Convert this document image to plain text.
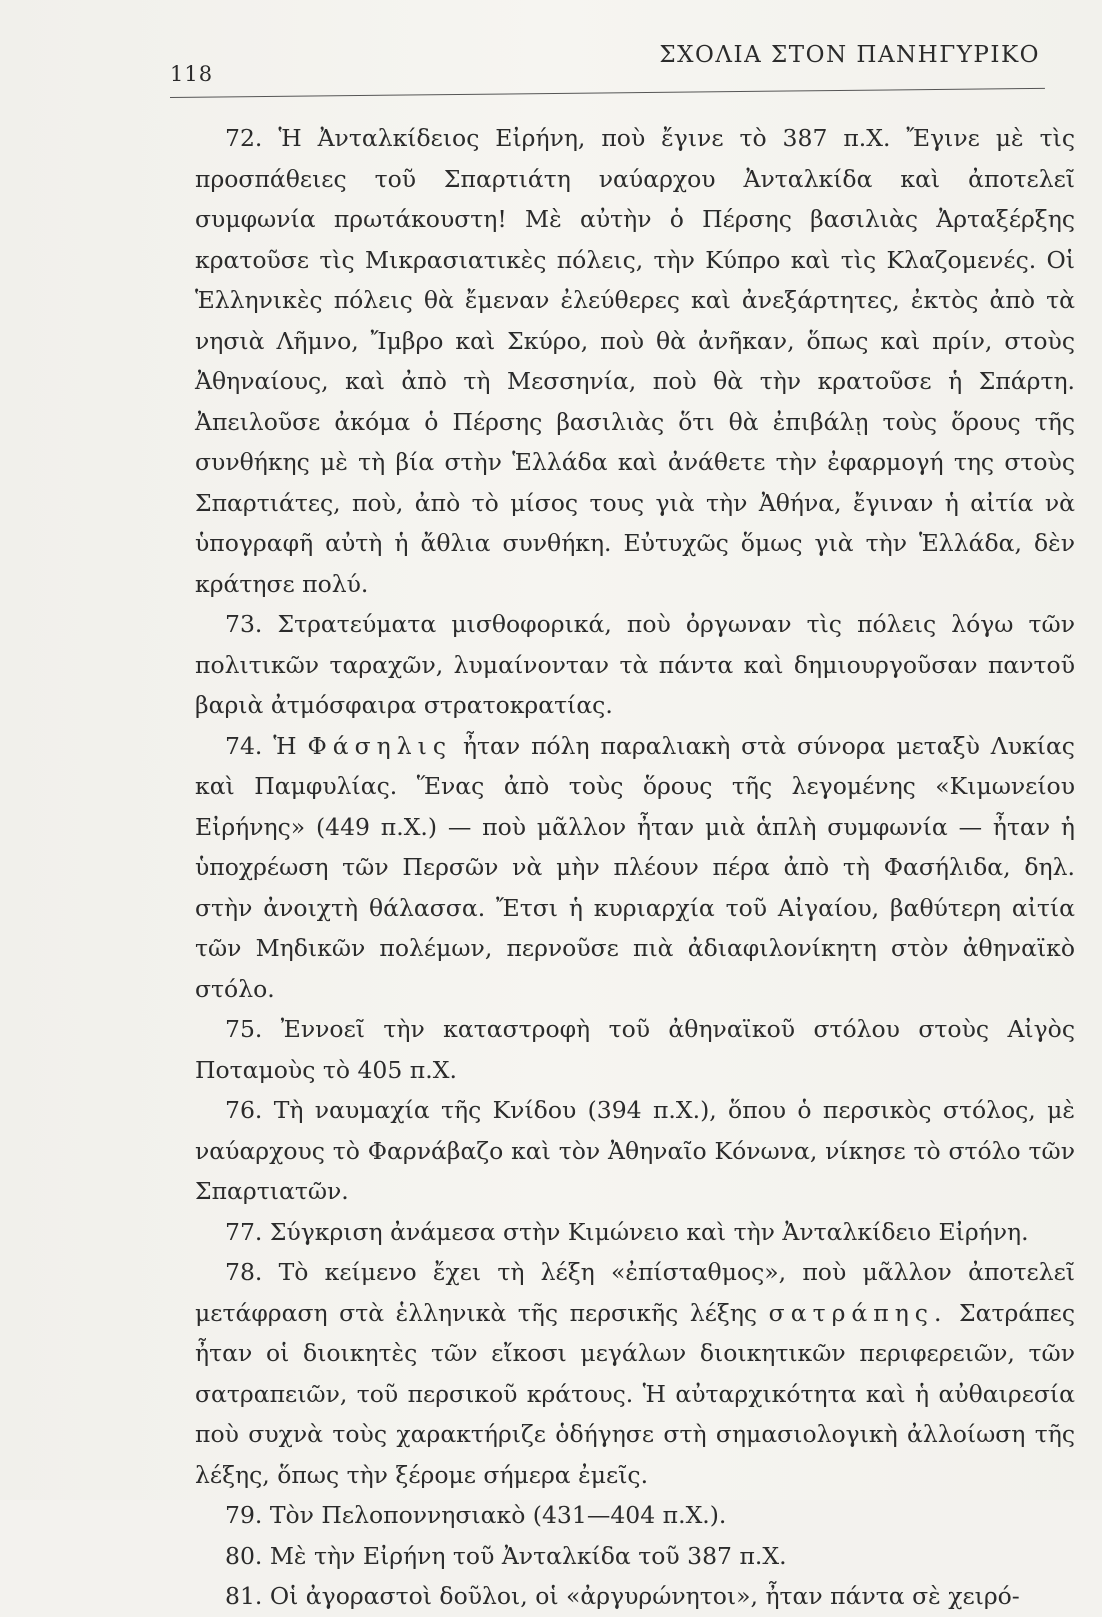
118
ΣΧΟΛΙΑ ΣΤΟΝ ΠΑΝΗΓΥΡΙΚΟ

72. Ἡ Ἀνταλκίδειος Εἰρήνη, ποὺ ἔγινε τὸ 387 π.Χ. Ἔγινε μὲ τὶς προσπάθειες τοῦ Σπαρτιάτη ναύαρχου Ἀνταλκίδα καὶ ἀποτελεῖ συμφωνία πρωτάκουστη! Μὲ αὐτὴν ὁ Πέρσης βασιλιὰς Ἀρταξέρξης κρατοῦσε τὶς Μικρασιατικὲς πόλεις, τὴν Κύπρο καὶ τὶς Κλαζομενές. Οἱ Ἑλληνικὲς πόλεις θὰ ἔμεναν ἐλεύθερες καὶ ἀνεξάρτητες, ἐκτὸς ἀπὸ τὰ νησιὰ Λῆμνο, Ἴμβρο καὶ Σκύρο, ποὺ θὰ ἀνῆκαν, ὅπως καὶ πρίν, στοὺς Ἀθηναίους, καὶ ἀπὸ τὴ Μεσσηνία, ποὺ θὰ τὴν κρατοῦσε ἡ Σπάρτη. Ἀπειλοῦσε ἀκόμα ὁ Πέρσης βασιλιὰς ὅτι θὰ ἐπιβάλῃ τοὺς ὅρους τῆς συνθήκης μὲ τὴ βία στὴν Ἑλλάδα καὶ ἀνάθετε τὴν ἐφαρμογή της στοὺς Σπαρτιάτες, ποὺ, ἀπὸ τὸ μίσος τους γιὰ τὴν Ἀθήνα, ἔγιναν ἡ αἰτία νὰ ὑπογραφῆ αὐτὴ ἡ ἄθλια συνθήκη. Εὐτυχῶς ὅμως γιὰ τὴν Ἑλλάδα, δὲν κράτησε πολύ.

73. Στρατεύματα μισθοφορικά, ποὺ ὀργωναν τὶς πόλεις λόγω τῶν πολιτικῶν ταραχῶν, λυμαίνονταν τὰ πάντα καὶ δημιουργοῦσαν παντοῦ βαριὰ ἀτμόσφαιρα στρατοκρατίας.

74. Ἡ Φάσηλις ἦταν πόλη παραλιακὴ στὰ σύνορα μεταξὺ Λυκίας καὶ Παμφυλίας. Ἕνας ἀπὸ τοὺς ὅρους τῆς λεγομένης «Κιμωνείου Εἰρήνης» (449 π.Χ.) — ποὺ μᾶλλον ἦταν μιὰ ἁπλὴ συμφωνία — ἦταν ἡ ὑποχρέωση τῶν Περσῶν νὰ μὴν πλέουν πέρα ἀπὸ τὴ Φασήλιδα, δηλ. στὴν ἀνοιχτὴ θάλασσα. Ἔτσι ἡ κυριαρχία τοῦ Αἰγαίου, βαθύτερη αἰτία τῶν Μηδικῶν πολέμων, περνοῦσε πιὰ ἀδιαφιλονίκητη στὸν ἀθηναϊκὸ στόλο.

75. Ἐννοεῖ τὴν καταστροφὴ τοῦ ἀθηναϊκοῦ στόλου στοὺς Αἰγὸς Ποταμοὺς τὸ 405 π.Χ.

76. Τὴ ναυμαχία τῆς Κνίδου (394 π.Χ.), ὅπου ὁ περσικὸς στόλος, μὲ ναύαρχους τὸ Φαρνάβαζο καὶ τὸν Ἀθηναῖο Κόνωνα, νίκησε τὸ στόλο τῶν Σπαρτιατῶν.

77. Σύγκριση ἀνάμεσα στὴν Κιμώνειο καὶ τὴν Ἀνταλκίδειο Εἰρήνη.

78. Τὸ κείμενο ἔχει τὴ λέξη «ἐπίσταθμος», ποὺ μᾶλλον ἀποτελεῖ μετάφραση στὰ ἑλληνικὰ τῆς περσικῆς λέξης σατράπης. Σατράπες ἦταν οἱ διοικητὲς τῶν εἴκοσι μεγάλων διοικητικῶν περιφερειῶν, τῶν σατραπειῶν, τοῦ περσικοῦ κράτους. Ἡ αὐταρχικότητα καὶ ἡ αὐθαιρεσία ποὺ συχνὰ τοὺς χαρακτήριζε ὁδήγησε στὴ σημασιολογικὴ ἀλλοίωση τῆς λέξης, ὅπως τὴν ξέρομε σήμερα ἐμεῖς.

79. Τὸν Πελοποννησιακὸ (431—404 π.Χ.).

80. Μὲ τὴν Εἰρήνη τοῦ Ἀνταλκίδα τοῦ 387 π.Χ.

81. Οἱ ἀγοραστοὶ δοῦλοι, οἱ «ἀργυρώνητοι», ἦταν πάντα σὲ χειρό-
